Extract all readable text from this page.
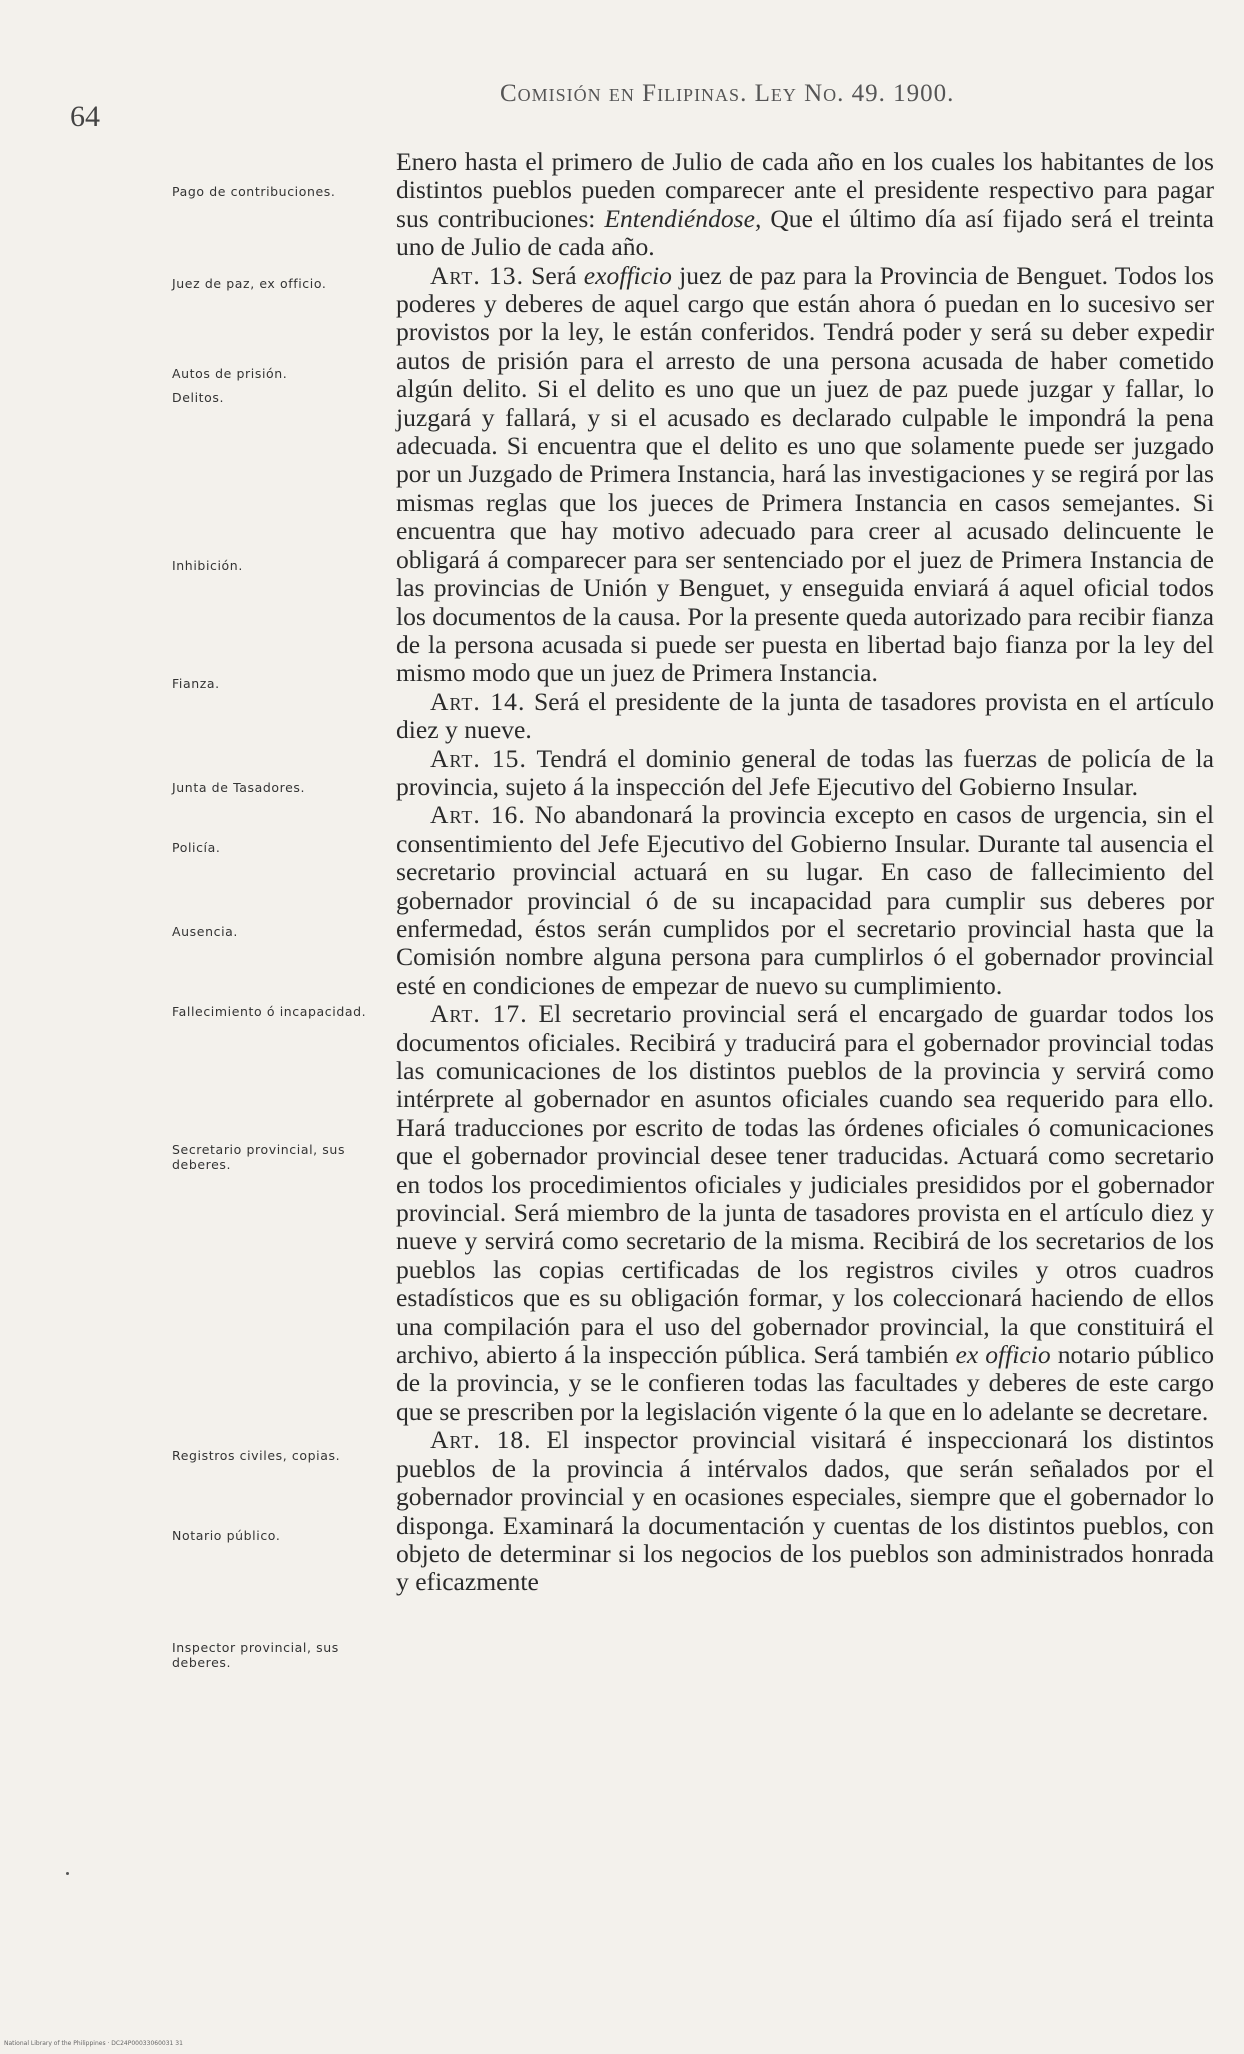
64
Comisión en Filipinas. Ley No. 49. 1900.
Pago de contribuciones.
Juez de paz, ex officio.
Autos de prisión.
Delitos.
Inhibición.
Fianza.
Junta de Tasadores.
Policía.
Ausencia.
Fallecimiento ó incapacidad.
Secretario provincial, sus deberes.
Registros civiles, copias.
Notario público.
Inspector provincial, sus deberes.

Enero hasta el primero de Julio de cada año en los cuales los habitantes de los distintos pueblos pueden comparecer ante el presidente respectivo para pagar sus contribuciones: Entendiéndose, Que el último día así fijado será el treinta uno de Julio de cada año.

Art. 13. Será exofficio juez de paz para la Provincia de Benguet. Todos los poderes y deberes de aquel cargo que están ahora ó puedan en lo sucesivo ser provistos por la ley, le están conferidos. Tendrá poder y será su deber expedir autos de prisión para el arresto de una persona acusada de haber cometido algún delito. Si el delito es uno que un juez de paz puede juzgar y fallar, lo juzgará y fallará, y si el acusado es declarado culpable le impondrá la pena adecuada. Si encuentra que el delito es uno que solamente puede ser juzgado por un Juzgado de Primera Instancia, hará las investigaciones y se regirá por las mismas reglas que los jueces de Primera Instancia en casos semejantes. Si encuentra que hay motivo adecuado para creer al acusado delincuente le obligará á comparecer para ser sentenciado por el juez de Primera Instancia de las provincias de Unión y Benguet, y enseguida enviará á aquel oficial todos los documentos de la causa. Por la presente queda autorizado para recibir fianza de la persona acusada si puede ser puesta en libertad bajo fianza por la ley del mismo modo que un juez de Primera Instancia.

Art. 14. Será el presidente de la junta de tasadores provista en el artículo diez y nueve.

Art. 15. Tendrá el dominio general de todas las fuerzas de policía de la provincia, sujeto á la inspección del Jefe Ejecutivo del Gobierno Insular.

Art. 16. No abandonará la provincia excepto en casos de urgencia, sin el consentimiento del Jefe Ejecutivo del Gobierno Insular. Durante tal ausencia el secretario provincial actuará en su lugar. En caso de fallecimiento del gobernador provincial ó de su incapacidad para cumplir sus deberes por enfermedad, éstos serán cumplidos por el secretario provincial hasta que la Comisión nombre alguna persona para cumplirlos ó el gobernador provincial esté en condiciones de empezar de nuevo su cumplimiento.

Art. 17. El secretario provincial será el encargado de guardar todos los documentos oficiales. Recibirá y traducirá para el gobernador provincial todas las comunicaciones de los distintos pueblos de la provincia y servirá como intérprete al gobernador en asuntos oficiales cuando sea requerido para ello. Hará traducciones por escrito de todas las órdenes oficiales ó comunicaciones que el gobernador provincial desee tener traducidas. Actuará como secretario en todos los procedimientos oficiales y judiciales presididos por el gobernador provincial. Será miembro de la junta de tasadores provista en el artículo diez y nueve y servirá como secretario de la misma. Recibirá de los secretarios de los pueblos las copias certificadas de los registros civiles y otros cuadros estadísticos que es su obligación formar, y los coleccionará haciendo de ellos una compilación para el uso del gobernador provincial, la que constituirá el archivo, abierto á la inspección pública. Será también ex officio notario público de la provincia, y se le confieren todas las facultades y deberes de este cargo que se prescriben por la legislación vigente ó la que en lo adelante se decretare.

Art. 18. El inspector provincial visitará é inspeccionará los distintos pueblos de la provincia á intérvalos dados, que serán señalados por el gobernador provincial y en ocasiones especiales, siempre que el gobernador lo disponga. Examinará la documentación y cuentas de los distintos pueblos, con objeto de determinar si los negocios de los pueblos son administrados honrada y eficazmente

National Library of the Philippines · DC24P00033060031 31
